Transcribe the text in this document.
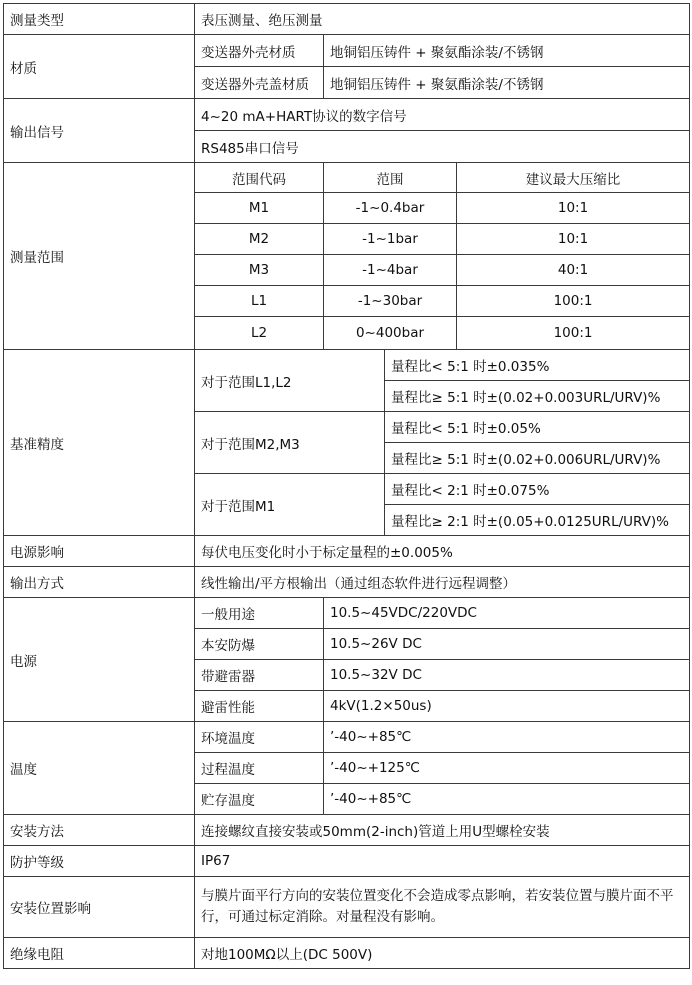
测量类型	表压测量、绝压测量			
材质	变送器外壳材质	地铜铝压铸件 + 聚氨酯涂装/不锈钢		
	变送器外壳盖材质	地铜铝压铸件 + 聚氨酯涂装/不锈钢		
输出信号	4~20 mA+HART协议的数字信号			
	RS485串口信号			
测量范围	范围代码	范围		建议最大压缩比
	M1	-1~0.4bar		10:1
	M2	-1~1bar		10:1
	M3	-1~4bar		40:1
	L1	-1~30bar		100:1
	L2	0~400bar		100:1
基准精度	对于范围L1,L2		量程比< 5:1 时±0.035%	
			量程比≥ 5:1 时±(0.02+0.003URL/URV)%	
	对于范围M2,M3		量程比< 5:1 时±0.05%	
			量程比≥ 5:1 时±(0.02+0.006URL/URV)%	
	对于范围M1		量程比< 2:1 时±0.075%	
			量程比≥ 2:1 时±(0.05+0.0125URL/URV)%	
电源影响	每伏电压变化时小于标定量程的±0.005%			
输出方式	线性输出/平方根输出（通过组态软件进行远程调整）			
电源	一般用途	10.5~45VDC/220VDC		
	本安防爆	10.5~26V DC		
	带避雷器	10.5~32V DC		
	避雷性能	4kV(1.2×50us)		
温度	环境温度	’-40~+85℃		
	过程温度	’-40~+125℃		
	贮存温度	’-40~+85℃		
安装方法	连接螺纹直接安装或50mm(2-inch)管道上用U型螺栓安装			
防护等级	IP67			
安装位置影响	与膜片面平行方向的安装位置变化不会造成零点影响，若安装位置与膜片面不平行，可通过标定消除。对量程没有影响。			
绝缘电阻	对地100MΩ以上(DC 500V)			
